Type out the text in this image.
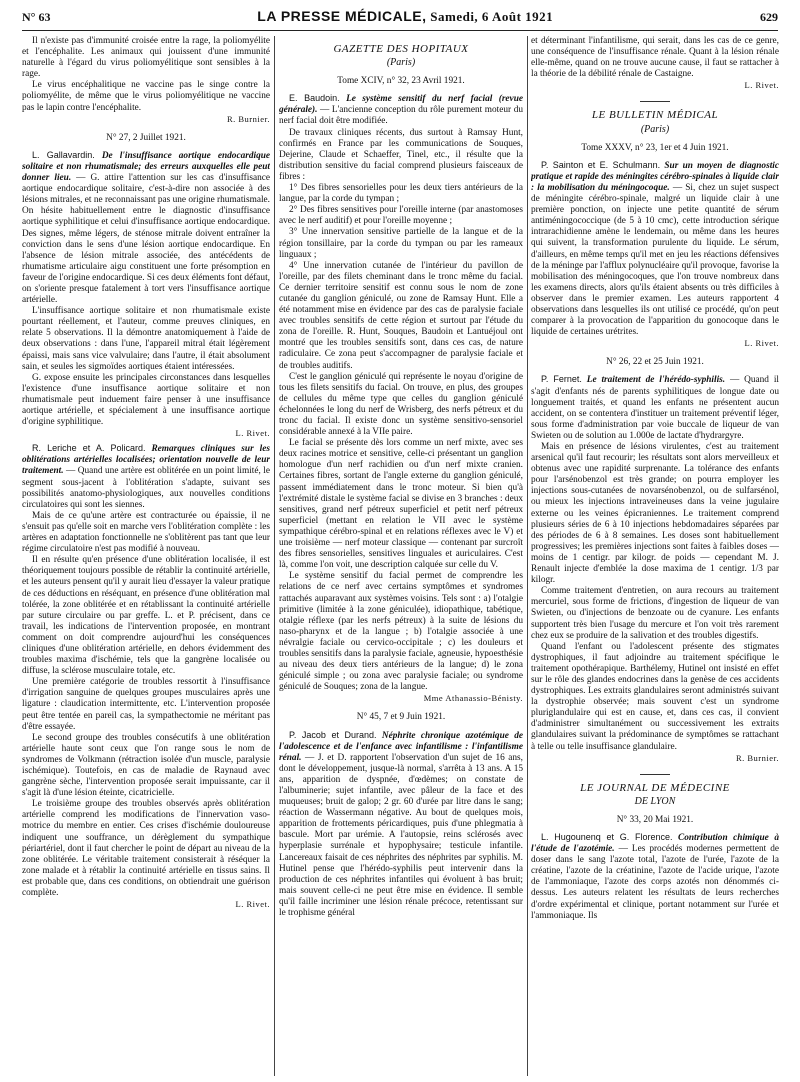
N° 63	LA PRESSE MÉDICALE, Samedi, 6 Août 1921	629

Il n'existe pas d'immunité croisée entre la rage, la poliomyélite et l'encéphalite. Les animaux qui jouissent d'une immunité naturelle à l'égard du virus poliomyélitique sont sensibles à la rage.

Le virus encéphalitique ne vaccine pas le singe contre la poliomyélite, de même que le virus poliomyélitique ne vaccine pas le lapin contre l'encéphalite.

R. Burnier.
N° 27, 2 Juillet 1921.

L. Gallavardin. De l'insuffisance aortique endocardique solitaire et non rhumatismale; des erreurs auxquelles elle peut donner lieu. — G. attire l'attention sur les cas d'insuffisance aortique endocardique solitaire, c'est-à-dire non associée à des lésions mitrales, et ne reconnaissant pas une origine rhumatismale. On hésite habituellement entre le diagnostic d'insuffisance aortique syphilitique et celui d'insuffisance aortique endocardique. Des signes, même légers, de sténose mitrale doivent entraîner la conviction dans le sens d'une lésion aortique endocardique. En l'absence de lésion mitrale associée, des antécédents de rhumatisme articulaire aigu constituent une forte présomption en faveur de l'origine endocardique. Si ces deux éléments font défaut, on s'oriente presque fatalement à tort vers l'insuffisance aortique artérielle.

L'insuffisance aortique solitaire et non rhumatismale existe pourtant réellement, et l'auteur, comme preuves cliniques, en relate 5 observations. Il la démontre anatomiquement à l'aide de deux observations : dans l'une, l'appareil mitral était légèrement épaissi, mais sans vice valvulaire; dans l'autre, il était absolument sain, et seules les sigmoïdes aortiques étaient intéressées.

G. expose ensuite les principales circonstances dans lesquelles l'existence d'une insuffisance aortique solitaire et non rhumatismale peut induement faire penser à une insuffisance aortique artérielle, et spécialement à une insuffisance aortique d'origine syphilitique.

L. Rivet.

R. Leriche et A. Policard. Remarques cliniques sur les oblitérations artérielles localisées; orientation nouvelle de leur traitement. — Quand une artère est oblitérée en un point limité, le segment sous-jacent à l'oblitération s'adapte, suivant ses possibilités anatomo-physiologiques, aux nouvelles conditions circulatoires qui sont les siennes.

Mais de ce qu'une artère est contracturée ou épaissie, il ne s'ensuit pas qu'elle soit en marche vers l'oblitération complète : les artères en adaptation fonctionnelle ne s'oblitèrent pas tant que leur régime circulatoire n'est pas modifié à nouveau.

Il en résulte qu'en présence d'une oblitération localisée, il est théoriquement toujours possible de rétablir la continuité artérielle, et les auteurs pensent qu'il y aurait lieu d'essayer la valeur pratique de ces déductions en réséquant, en présence d'une oblitération mal tolérée, la zone oblitérée et en rétablissant la continuité artérielle par suture circulaire ou par greffe. L. et P. précisent, dans ce travail, les indications de l'intervention proposée, en montrant comment on doit comprendre aujourd'hui les conséquences cliniques d'une oblitération artérielle, en dehors évidemment des troubles maxima d'ischémie, tels que la gangrène localisée ou diffuse, la sclérose musculaire totale, etc.

Une première catégorie de troubles ressortit à l'insuffisance d'irrigation sanguine de quelques groupes musculaires après une ligature : claudication intermittente, etc. L'intervention proposée peut être tentée en pareil cas, la sympathectomie ne méritant pas d'être essayée.

Le second groupe des troubles consécutifs à une oblitération artérielle haute sont ceux que l'on range sous le nom de syndromes de Volkmann (rétraction isolée d'un muscle, paralysie ischémique). Toutefois, en cas de maladie de Raynaud avec gangrène sèche, l'intervention proposée serait impuissante, car il s'agit là d'une lésion éteinte, cicatricielle.

Le troisième groupe des troubles observés après oblitération artérielle comprend les modifications de l'innervation vaso-motrice du membre en entier. Ces crises d'ischémie douloureuse indiquent une souffrance, un dérèglement du sympathique périartériel, dont il faut chercher le point de départ au niveau de la zone oblitérée. Le véritable traitement consisterait à réséquer la zone malade et à rétablir la continuité artérielle en tissus sains. Il est probable que, dans ces conditions, on obtiendrait une guérison complète.

L. Rivet.
GAZETTE DES HOPITAUX
(Paris)
Tome XCIV, n° 32, 23 Avril 1921.

E. Baudoin. Le système sensitif du nerf facial (revue générale). — L'ancienne conception du rôle purement moteur du nerf facial doit être modifiée.

De travaux cliniques récents, dus surtout à Ramsay Hunt, confirmés en France par les communications de Souques, Dejerine, Claude et Schaeffer, Tinel, etc., il résulte que la distribution sensitive du facial comprend plusieurs faisceaux de fibres :

1° Des fibres sensorielles pour les deux tiers antérieurs de la langue, par la corde du tympan ;

2° Des fibres sensitives pour l'oreille interne (par anastomoses avec le nerf auditif) et pour l'oreille moyenne ;

3° Une innervation sensitive partielle de la langue et de la région tonsillaire, par la corde du tympan ou par les rameaux linguaux ;

4° Une innervation cutanée de l'intérieur du pavillon de l'oreille, par des filets cheminant dans le tronc même du facial. Ce dernier territoire sensitif est connu sous le nom de zone cutanée du ganglion géniculé, ou zone de Ramsay Hunt. Elle a été notamment mise en évidence par des cas de paralysie faciale avec troubles sensitifs de cette région et surtout par l'étude du zona de l'oreille. R. Hunt, Souques, Baudoin et Lantuéjoul ont montré que les troubles sensitifs sont, dans ces cas, de nature radiculaire. Ce zona peut s'accompagner de paralysie faciale et de troubles auditifs.

C'est le ganglion géniculé qui représente le noyau d'origine de tous les filets sensitifs du facial. On trouve, en plus, des groupes de cellules du même type que celles du ganglion géniculé échelonnées le long du nerf de Wrisberg, des nerfs pétreux et du tronc du facial. Il existe donc un système sensitivo-sensoriel considérable annexé à la VIIe paire.

Le facial se présente dès lors comme un nerf mixte, avec ses deux racines motrice et sensitive, celle-ci présentant un ganglion homologue d'un nerf rachidien ou d'un nerf mixte cranien. Certaines fibres, sortant de l'angle externe du ganglion géniculé, passent immédiatement dans le tronc moteur. Si bien qu'à l'extrémité distale le système facial se divise en 3 branches : deux sensitives, grand nerf pétreux superficiel et petit nerf pétreux superficiel (mettant en relation le VII avec le système sympathique cérébro-spinal et en relations réflexes avec le V) et une troisième — nerf moteur classique — contenant par surcroît des fibres sensorielles, sensitives linguales et auriculaires. C'est là, comme l'on voit, une description calquée sur celle du V.

Le système sensitif du facial permet de comprendre les relations de ce nerf avec certains symptômes et syndromes rattachés auparavant aux systèmes voisins. Tels sont : a) l'otalgie primitive (limitée à la zone géniculée), idiopathique, tabétique, otalgie réflexe (par les nerfs pétreux) à la suite de lésions du naso-pharynx et de la langue ; b) l'otalgie associée à une névralgie faciale ou cervico-occipitale ; c) les douleurs et troubles sensitifs dans la paralysie faciale, agneusie, hypoesthésie au niveau des deux tiers antérieurs de la langue; d) le zona géniculé simple ; ou zona avec paralysie faciale; ou syndrome géniculé de Souques; zona de la langue.

Mme Athanassio-Bénisty.
N° 45, 7 et 9 Juin 1921.

P. Jacob et Durand. Néphrite chronique azotémique de l'adolescence et de l'enfance avec infantilisme : l'infantilisme rénal. — J. et D. rapportent l'observation d'un sujet de 16 ans, dont le développement, jusque-là normal, s'arrêta à 13 ans. A 15 ans, apparition de dyspnée, d'œdèmes; on constate de l'albuminerie; sujet infantile, avec pâleur de la face et des muqueuses; bruit de galop; 2 gr. 60 d'urée par litre dans le sang; réaction de Wassermann négative. Au bout de quelques mois, apparition de frottements péricardiques, puis d'une phlegmatia à bascule. Mort par urémie. A l'autopsie, reins sclérosés avec hyperplasie surrénale et hypophysaire; testicule infantile. Lancereaux faisait de ces néphrites des néphrites par syphilis. M. Hutinel pense que l'hérédo-syphilis peut intervenir dans la production de ces néphrites infantiles qui évoluent à bas bruit; mais souvent celle-ci ne peut être mise en évidence. Il semble qu'il faille incriminer une lésion rénale précoce, retentissant sur le trophisme général

et déterminant l'infantilisme, qui serait, dans les cas de ce genre, une conséquence de l'insuffisance rénale. Quant à la lésion rénale elle-même, quand on ne trouve aucune cause, il faut se rattacher à la théorie de la débilité rénale de Castaigne.

L. Rivet.
LE BULLETIN MÉDICAL
(Paris)
Tome XXXV, n° 23, 1er et 4 Juin 1921.

P. Sainton et E. Schulmann. Sur un moyen de diagnostic pratique et rapide des méningites cérébro-spinales à liquide clair : la mobilisation du méningocoque. — Si, chez un sujet suspect de méningite cérébro-spinale, malgré un liquide clair à une première ponction, on injecte une petite quantité de sérum antiméningococcique (de 5 à 10 cmc), cette introduction sérique intrarachidienne amène le lendemain, ou même dans les heures qui suivent, la transformation purulente du liquide. Le sérum, d'ailleurs, en même temps qu'il met en jeu les réactions défensives de la méninge par l'afflux polynucléaire qu'il provoque, favorise la mobilisation des méningocoques, que l'on trouve nombreux dans les examens directs, alors qu'ils étaient absents ou très difficiles à observer dans le premier examen. Les auteurs rapportent 4 observations dans lesquelles ils ont utilisé ce procédé, qu'on peut comparer à la provocation de l'apparition du gonocoque dans le liquide de certaines urétrites.

L. Rivet.
N° 26, 22 et 25 Juin 1921.

P. Fernet. Le traitement de l'hérédo-syphilis. — Quand il s'agit d'enfants nés de parents syphilitiques de longue date ou longuement traités, et quand les enfants ne présentent aucun accident, on se contentera d'instituer un traitement préventif léger, sous forme d'administration par voie buccale de liqueur de van Swieten ou de solution au 1.000e de lactate d'hydrargyre.

Mais en présence de lésions virulentes, c'est au traitement arsenical qu'il faut recourir; les résultats sont alors merveilleux et obtenus avec une rapidité surprenante. La tolérance des enfants pour l'arsénobenzol est très grande; on pourra employer les injections sous-cutanées de novarsénobenzol, ou de sulfarsénol, ou mieux les injections intraveineuses dans la veine jugulaire externe ou les veines épicraniennes. Le traitement comprend plusieurs séries de 6 à 10 injections hebdomadaires séparées par des périodes de 6 à 8 semaines. Les doses sont habituellement progressives; les premières injections sont faites à faibles doses — moins de 1 centigr. par kilogr. de poids — cependant M. J. Renault injecte d'emblée la dose maxima de 1 centigr. 1/3 par kilogr.

Comme traitement d'entretien, on aura recours au traitement mercuriel, sous forme de frictions, d'ingestion de liqueur de van Swieten, ou d'injections de benzoate ou de cyanure. Les enfants supportent très bien l'usage du mercure et l'on voit très rarement chez eux se produire de la salivation et des troubles digestifs.

Quand l'enfant ou l'adolescent présente des stigmates dystrophiques, il faut adjoindre au traitement spécifique le traitement opothérapique. Barthélemy, Hutinel ont insisté en effet sur le rôle des glandes endocrines dans la genèse de ces accidents dystrophiques. Les extraits glandulaires seront administrés suivant la dystrophie observée; mais souvent c'est un syndrome pluriglandulaire qui est en cause, et, dans ces cas, il convient d'administrer simultanément ou successivement les extraits glandulaires suivant la prédominance de symptômes se rattachant à telle ou telle insuffisance glandulaire.

R. Burnier.
LE JOURNAL DE MÉDECINE
DE LYON
N° 33, 20 Mai 1921.

L. Hugounenq et G. Florence. Contribution chimique à l'étude de l'azotémie. — Les procédés modernes permettent de doser dans le sang l'azote total, l'azote de l'urée, l'azote de la créatine, l'azote de la créatinine, l'azote de l'acide urique, l'azote de l'ammoniaque, l'azote des corps azotés non dénommés ci-dessus. Les auteurs relatent les résultats de leurs recherches d'ordre expérimental et clinique, portant notamment sur l'urée et l'ammoniaque. Ils
